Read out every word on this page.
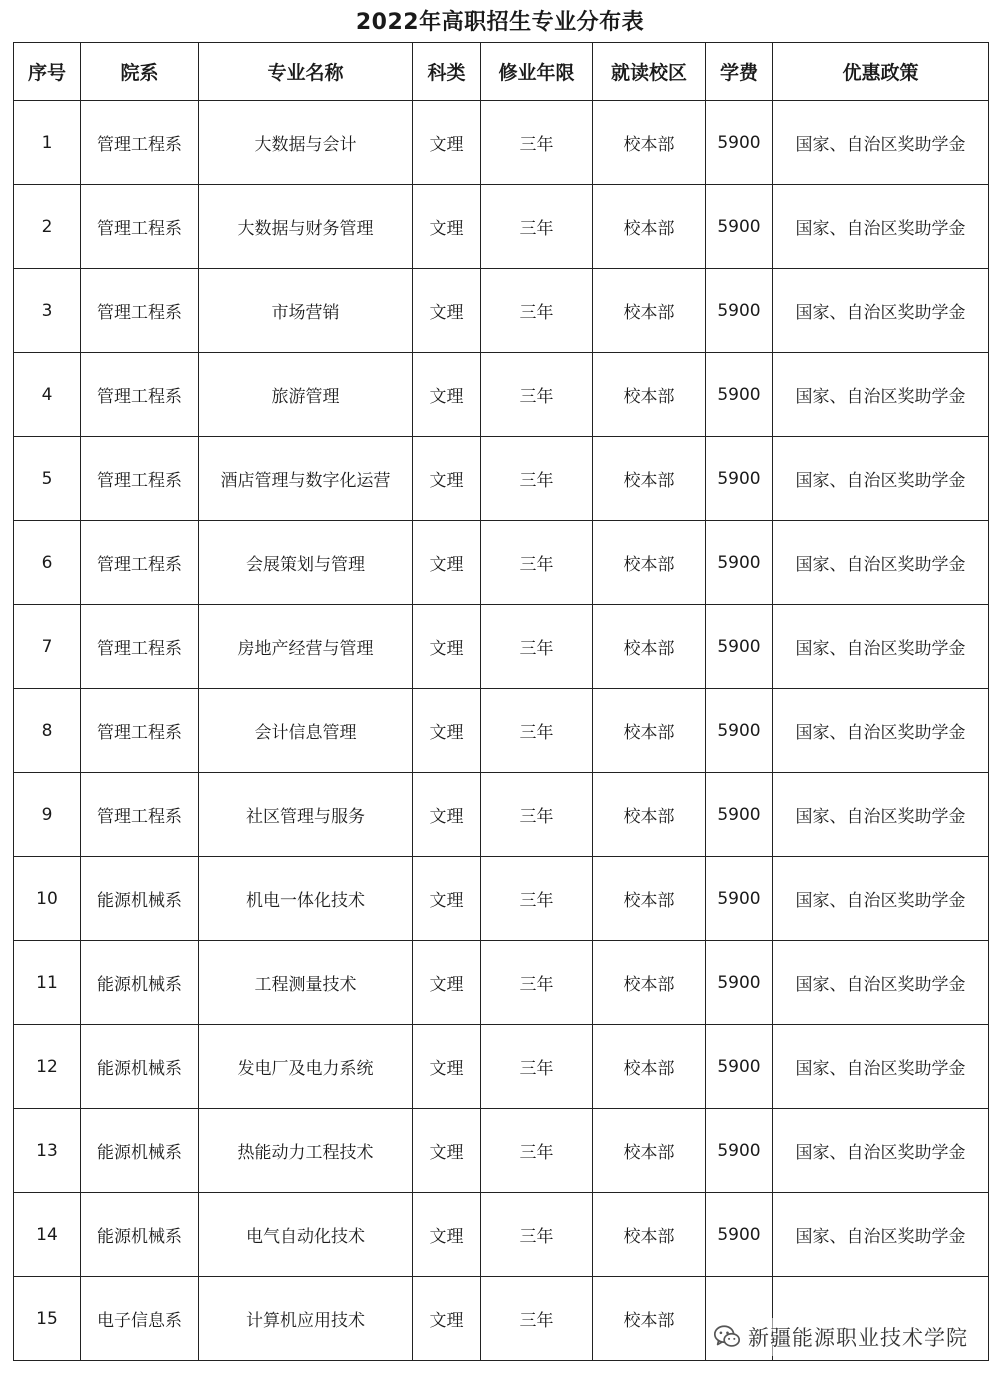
2022年高职招生专业分布表
序号	院系	专业名称	科类	修业年限	就读校区	学费	优惠政策
1	管理工程系	大数据与会计	文理	三年	校本部	5900	国家、自治区奖助学金
2	管理工程系	大数据与财务管理	文理	三年	校本部	5900	国家、自治区奖助学金
3	管理工程系	市场营销	文理	三年	校本部	5900	国家、自治区奖助学金
4	管理工程系	旅游管理	文理	三年	校本部	5900	国家、自治区奖助学金
5	管理工程系	酒店管理与数字化运营	文理	三年	校本部	5900	国家、自治区奖助学金
6	管理工程系	会展策划与管理	文理	三年	校本部	5900	国家、自治区奖助学金
7	管理工程系	房地产经营与管理	文理	三年	校本部	5900	国家、自治区奖助学金
8	管理工程系	会计信息管理	文理	三年	校本部	5900	国家、自治区奖助学金
9	管理工程系	社区管理与服务	文理	三年	校本部	5900	国家、自治区奖助学金
10	能源机械系	机电一体化技术	文理	三年	校本部	5900	国家、自治区奖助学金
11	能源机械系	工程测量技术	文理	三年	校本部	5900	国家、自治区奖助学金
12	能源机械系	发电厂及电力系统	文理	三年	校本部	5900	国家、自治区奖助学金
13	能源机械系	热能动力工程技术	文理	三年	校本部	5900	国家、自治区奖助学金
14	能源机械系	电气自动化技术	文理	三年	校本部	5900	国家、自治区奖助学金
15	电子信息系	计算机应用技术	文理	三年	校本部		
新疆能源职业技术学院
